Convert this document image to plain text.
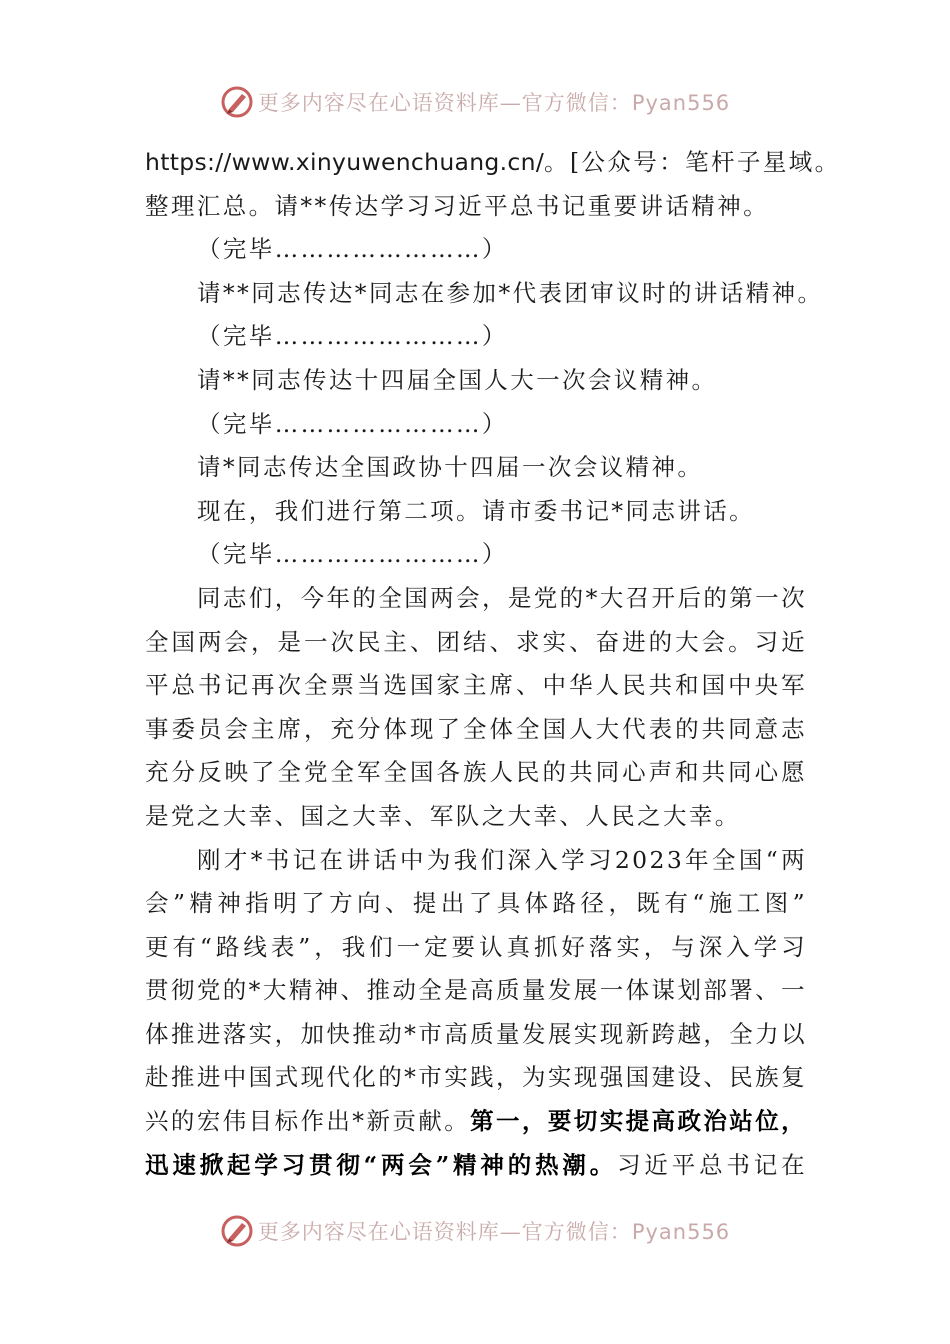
更多内容尽在心语资料库—官方微信：Pyan556
https://www.xinyuwenchuang.cn/。[公众号：笔杆子星域。
整理汇总。请**传达学习习近平总书记重要讲话精神。
（完毕……………………）
请**同志传达*同志在参加*代表团审议时的讲话精神。
（完毕……………………）
请**同志传达十四届全国人大一次会议精神。
（完毕……………………）
请*同志传达全国政协十四届一次会议精神。
现在，我们进行第二项。请市委书记*同志讲话。
（完毕……………………）
同志们，今年的全国两会，是党的*大召开后的第一次
全国两会，是一次民主、团结、求实、奋进的大会。习近
平总书记再次全票当选国家主席、中华人民共和国中央军
事委员会主席，充分体现了全体全国人大代表的共同意志
充分反映了全党全军全国各族人民的共同心声和共同心愿
是党之大幸、国之大幸、军队之大幸、人民之大幸。
刚才*书记在讲话中为我们深入学习2023年全国“两
会”精神指明了方向、提出了具体路径，既有“施工图”
更有“路线表”，我们一定要认真抓好落实，与深入学习
贯彻党的*大精神、推动全是高质量发展一体谋划部署、一
体推进落实，加快推动*市高质量发展实现新跨越，全力以
赴推进中国式现代化的*市实践，为实现强国建设、民族复
兴的宏伟目标作出*新贡献。第一，要切实提高政治站位，
迅速掀起学习贯彻“两会”精神的热潮。习近平总书记在
更多内容尽在心语资料库—官方微信：Pyan556
